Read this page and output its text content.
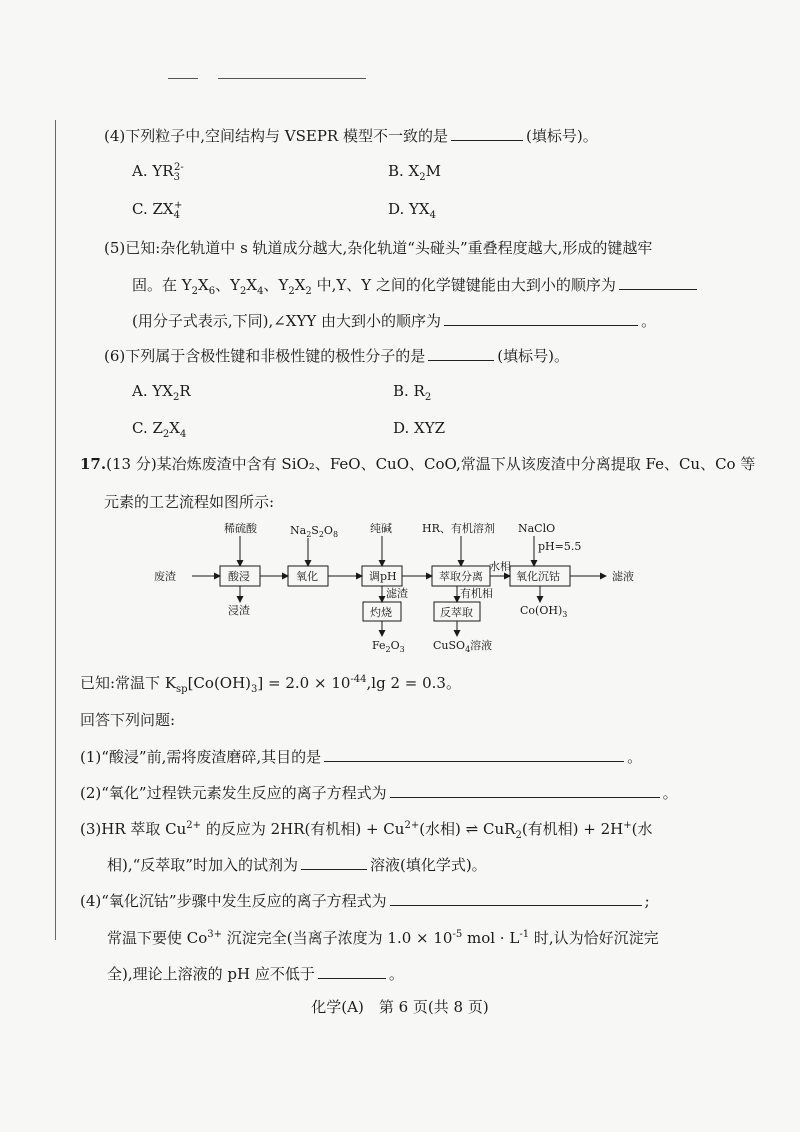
(4)下列粒子中,空间结构与 VSEPR 模型不一致的是	(填标号)。
A. $YR_3^{2-}$	B. $X_2M$
C. $ZX_4^+$	D. $YX_4$
(5)已知:杂化轨道中 s 轨道成分越大,杂化轨道“头碰头”重叠程度越大,形成的键越牢
固。在 $Y_2X_6$、$Y_2X_4$、$Y_2X_2$ 中,Y、Y 之间的化学键键能由大到小的顺序为
(用分子式表示,下同),∠XYY 由大到小的顺序为	。
(6)下列属于含极性键和非极性键的极性分子的是	(填标号)。
A. $YX_2R$	B. $R_2$
C. $Z_2X_4$	D. XYZ
17.(13 分)某冶炼废渣中含有 SiO₂、FeO、CuO、CoO,常温下从该废渣中分离提取 Fe、Cu、Co 等
元素的工艺流程如图所示:
废渣	酸浸	氧化	调pH	萃取分离	氧化沉钴
灼烧	反萃取
稀硫酸	$Na_2S_2O_8$	纯碱	HR、有机溶剂 NaClO
pH=5.5
水相
有机相
滤渣
浸渣
$Fe_2O_3$	CuSO$_4$溶液
$Co(OH)_3$
滤液
已知:常温下 $K_{sp}[Co(OH)_3] = 2.0 \times 10^{-44},\lg$ 2 = 0.3。
回答下列问题:
(1)“酸浸”前,需将废渣磨碎,其目的是	。
(2)“氧化”过程铁元素发生反应的离子方程式为	。
(3)HR 萃取 $Cu^{2+}$ 的反应为 2HR(有机相) + $Cu^{2+}$(水相) ⇌ CuR$_2$(有机相) + 2H+(水
相),“反萃取”时加入的试剂为	溶液(填化学式)。
(4)“氧化沉钴”步骤中发生反应的离子方程式为	;
常温下要使 $Co^{3+}$ 沉淀完全(当离子浓度为 $1.0 \times 10^{-5}$ mol · $L^{-1}$ 时,认为恰好沉淀完
全),理论上溶液的 pH 应不低于	。
化学(A)　第 6 页(共 8 页)
